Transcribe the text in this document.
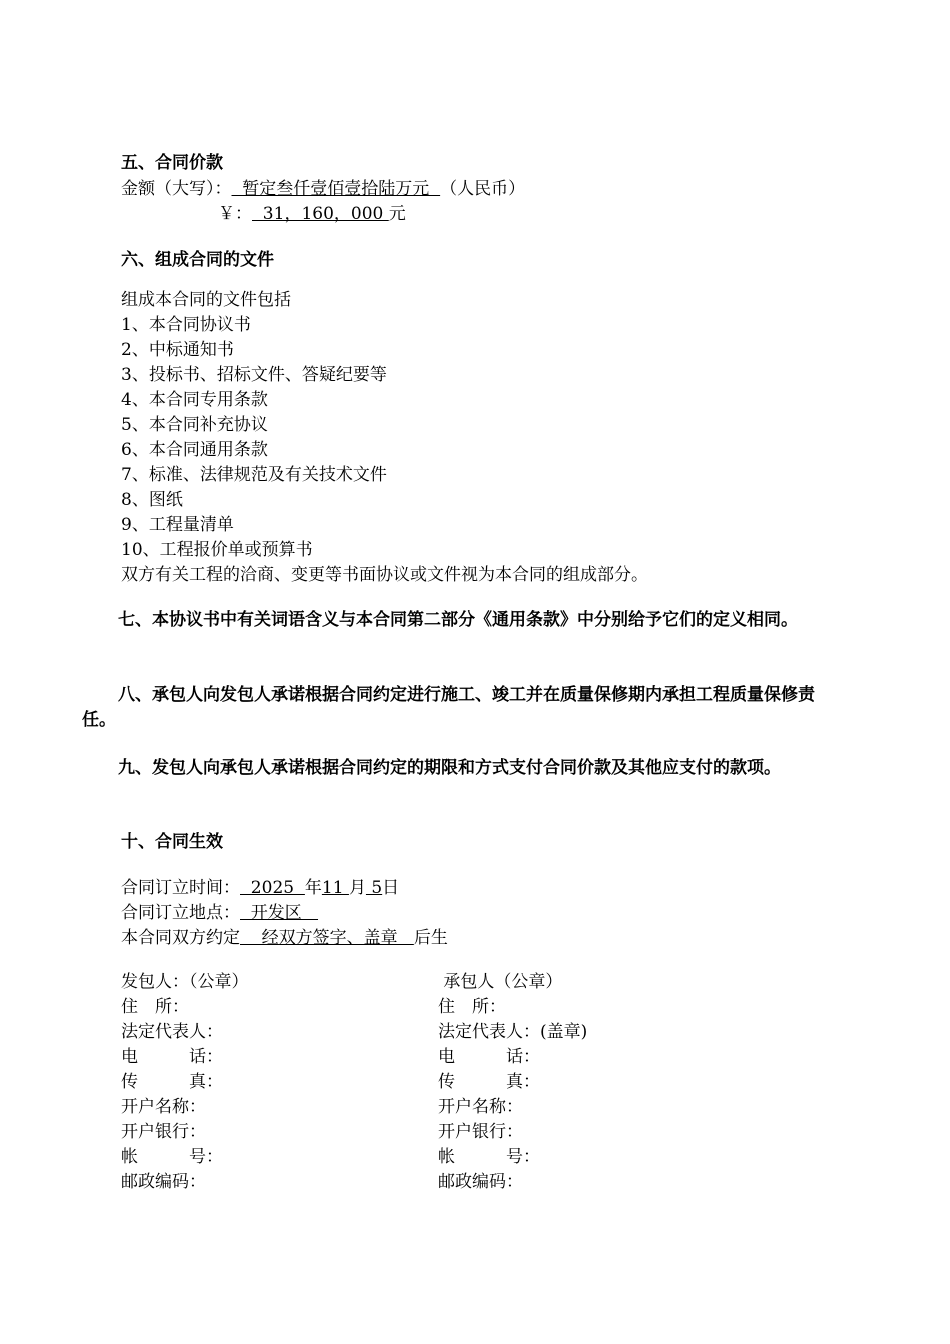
五、合同价款
金额（大写）：  暂定叁仟壹佰壹拾陆万元  （人民币）
￥：  31，160，000 元
六、组成合同的文件
组成本合同的文件包括
1、本合同协议书
2、中标通知书
3、投标书、招标文件、答疑纪要等
4、本合同专用条款
5、本合同补充协议
6、本合同通用条款
7、标准、法律规范及有关技术文件
8、图纸
9、工程量清单
10、工程报价单或预算书
双方有关工程的洽商、变更等书面协议或文件视为本合同的组成部分。
七、本协议书中有关词语含义与本合同第二部分《通用条款》中分别给予它们的定义相同。
八、承包人向发包人承诺根据合同约定进行施工、竣工并在质量保修期内承担工程质量保修责任。
九、发包人向承包人承诺根据合同约定的期限和方式支付合同价款及其他应支付的款项。
十、合同生效
合同订立时间：  2025  年11 月 5日
合同订立地点：  开发区
本合同双方约定    经双方签字、盖章   后生
发包人：（公章）
住　所：
法定代表人：
电　　　话：
传　　　真：
开户名称：
开户银行：
帐　　　号：
邮政编码：
承包人（公章）
住　所：
法定代表人：(盖章)
电　　　话：
传　　　真：
开户名称：
开户银行：
帐　　　号：
邮政编码：
